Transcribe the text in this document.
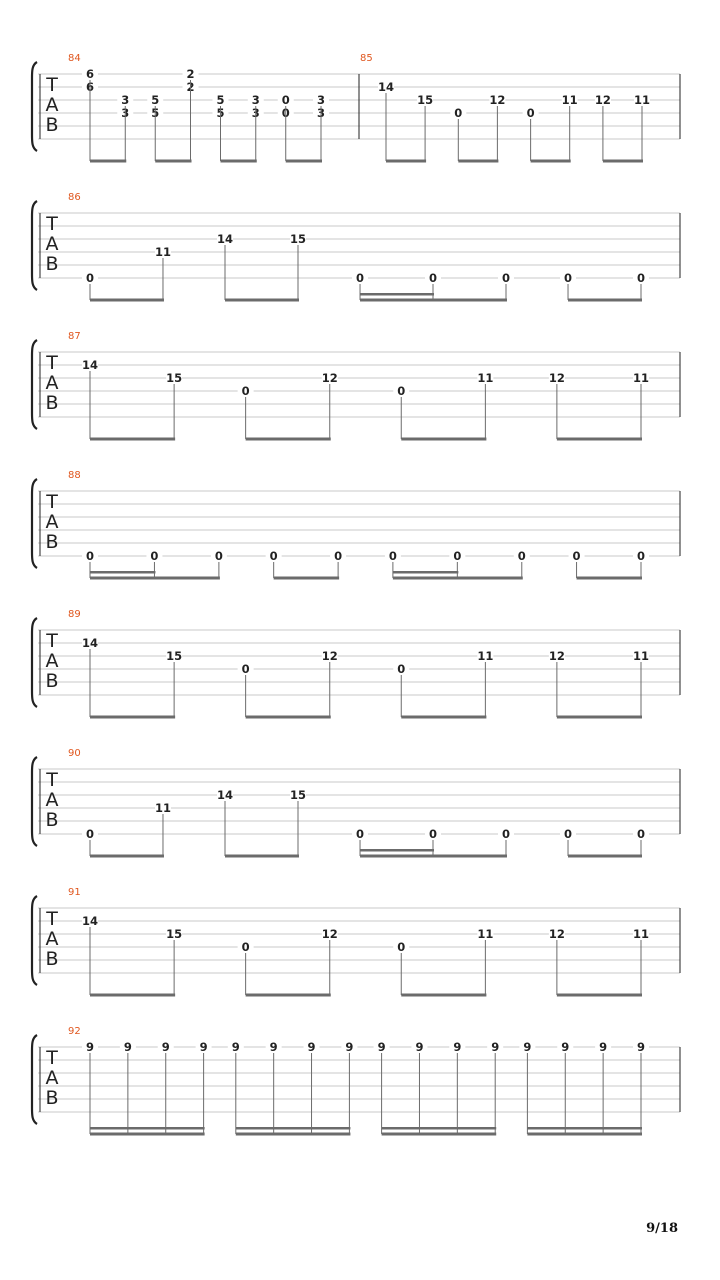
T
A
B
84
6
6
3
3
5
5
2
2
5
5
3
3
0
0
3
3
85
14
15
0
12
0
11 12 11
T
A
B
86
0
11
14	15
0	0	0	0	0
T
A
B
87
14
15
0
12
0
11	12	11
T
A
B
88
0	0	0	0	0	0	0	0	0	0
T
A
B
89
14
15
0
12
0
11	12	11
T
A
B
90
0
11
14	15
0	0	0	0	0
T
A
B
91
14
15
0
12
0
11	12	11
T
A
B
92
9	9	9	9 9	9	9	9 9	9	9	9 9	9	9	9
9/18
